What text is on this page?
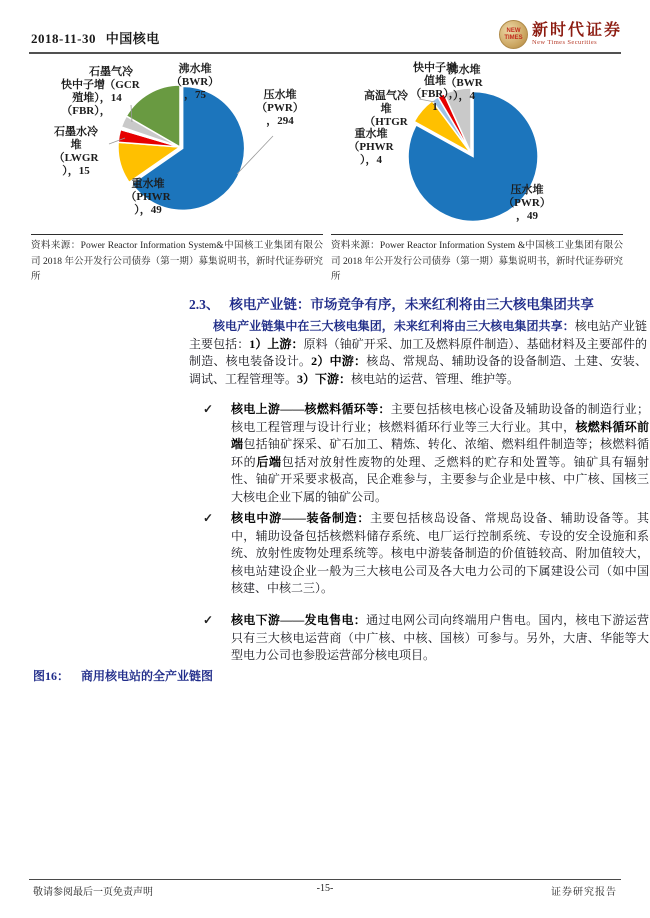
2018-11-30 中国核电	NEW
TIMES 新时代证券
New Times Securities
压水堆
（PWR）
，294
沸水堆
（BWR）
，75
重水堆
（PHWR
），49
石墨水冷
堆
（LWGR
），15
石墨气冷
快中子增 （GCR
殖堆），14
（FBR），
快中子增
值堆
（FBR），
1
沸水堆
（BWR
），4
高温气冷
堆
（HTGR
重水堆
（PHWR
），4
压水堆
（PWR）
，49
资料来源：Power Reactor Information System&中国核工业集团有限公司 2018 年公开发行公司债券（第一期）募集说明书，新时代证券研究所
资料来源：Power Reactor Information System &中国核工业集团有限公司 2018 年公开发行公司债券（第一期）募集说明书，新时代证券研究所
2.3、 核电产业链：市场竞争有序，未来红利将由三大核电集团共享

核电产业链集中在三大核电集团，未来红利将由三大核电集团共享：核电站产业链主要包括：1）上游：原料（铀矿开采、加工及燃料原件制造）、基础材料及主要部件的制造、核电装备设计。2）中游：核岛、常规岛、辅助设备的设备制造、土建、安装、调试、工程管理等。3）下游：核电站的运营、管理、维护等。

✓	核电上游——核燃料循环等：主要包括核电核心设备及辅助设备的制造行业；核电工程管理与设计行业；核燃料循环行业等三大行业。其中，核燃料循环前端包括铀矿探采、矿石加工、精炼、转化、浓缩、燃料组件制造等；核燃料循环的后端包括对放射性废物的处理、乏燃料的贮存和处置等。铀矿具有辐射性、铀矿开采要求极高，民企难参与，主要参与企业是中核、中广核、国核三大核电企业下属的铀矿公司。
✓	核电中游——装备制造：主要包括核岛设备、常规岛设备、辅助设备等。其中，辅助设备包括核燃料储存系统、电厂运行控制系统、专设的安全设施和系统、放射性废物处理系统等。核电中游装备制造的价值链较高、附加值较大，核电站建设企业一般为三大核电公司及各大电力公司的下属建设公司（如中国核建、中核二三）。
✓	核电下游——发电售电：通过电网公司向终端用户售电。国内，核电下游运营只有三大核电运营商（中广核、中核、国核）可参与。另外，大唐、华能等大型电力公司也参股运营部分核电项目。
图16： 商用核电站的全产业链图
敬请参阅最后一页免责声明	-15-	证券研究报告
